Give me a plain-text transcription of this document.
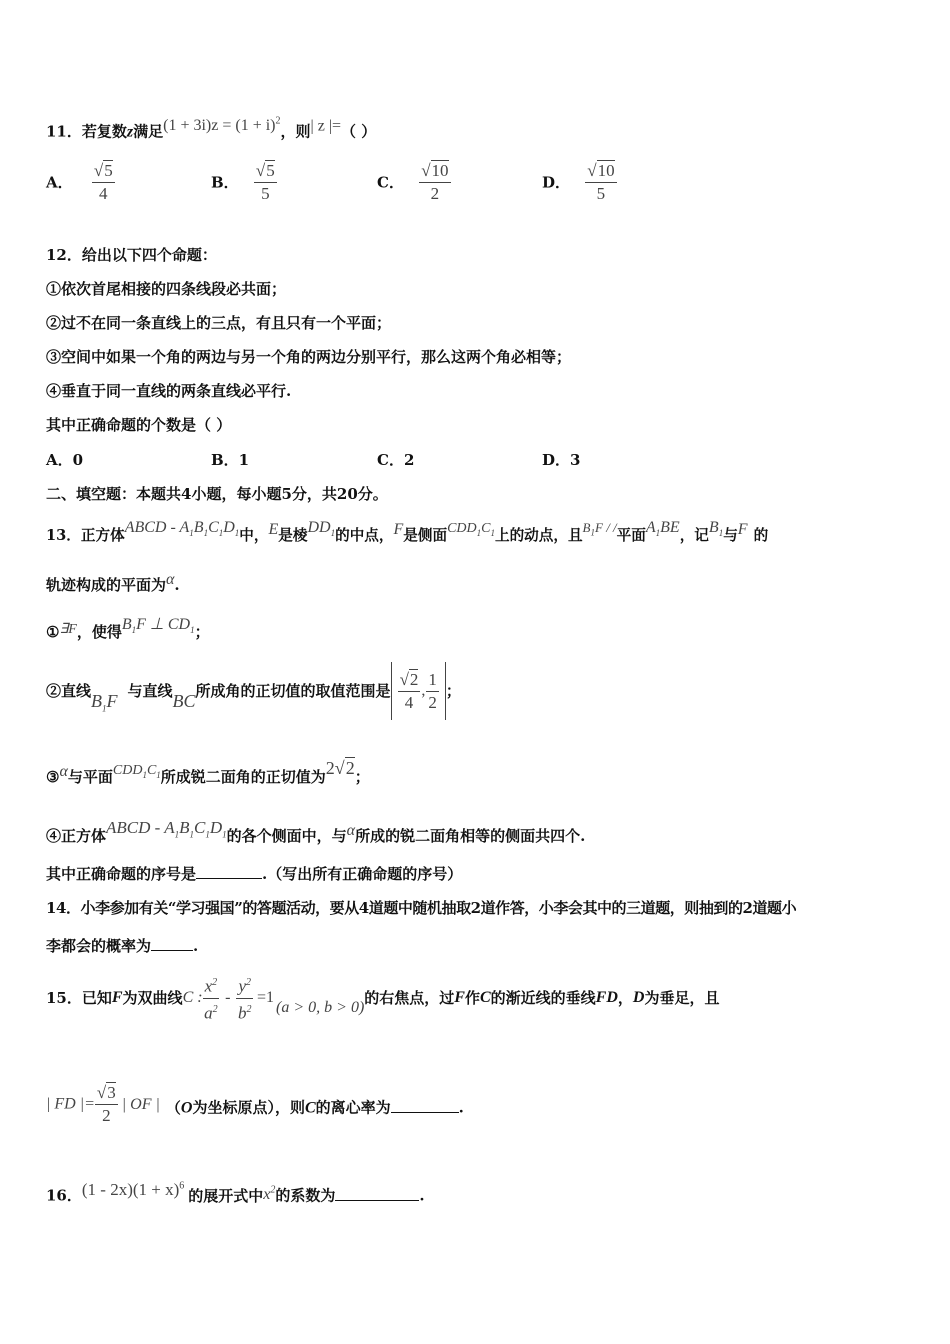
11．若复数z满足$(1 + 3i)z = (1 + i)^2$，则| z |=（ ）
A． $\frac{√5}{4}$	B． $\frac{√5}{5}$	C． $\frac{√10}{2}$	D． $\frac{√10}{5}$
12．给出以下四个命题：
①依次首尾相接的四条线段必共面；
②过不在同一条直线上的三点，有且只有一个平面；
③空间中如果一个角的两边与另一个角的两边分别平行，那么这两个角必相等；
④垂直于同一直线的两条直线必平行.
其中正确命题的个数是（ ）
A．0	B．1	C．2	D．3
二、填空题：本题共4小题，每小题5分，共20分。
13．正方体ABCD - $A_1B_1C_1D_1$中，E是棱$DD_1$的中点，F是侧面$CDD_1C_1$上的动点，且$B_1F$ / /平面$A_1BE$，记$B_1$与F 的
轨迹构成的平面为α.
①∃F，使得$B_1F$ ⊥ $CD_1$；
②直线$B_1F$ 与直线BC所成角的正切值的取值范围是 $\frac{√2}{4}$ , $\frac{1}{2}$ ；
③α与平面$CDD_1C_1$所成锐二面角的正切值为2√2；
④正方体ABCD - $A_1B_1C_1D_1$的各个侧面中，与α所成的锐二面角相等的侧面共四个.
其中正确命题的序号是	.（写出所有正确命题的序号）
14．小李参加有关“学习强国”的答题活动，要从4道题中随机抽取2道作答，小李会其中的三道题，则抽到的2道题小
李都会的概率为	.
15．已知F为双曲线C : $\frac{x^2}{a^2} - \frac{y^2}{b^2} =1(a > 0$, b > 0)的右焦点，过F作C的渐近线的垂线FD，D为垂足，且
| FD |= $\frac{√3}{2}$ | OF | （O为坐标原点），则C的离心率为	.
16．$(1 - 2x)(1 + x)^6$的展开式中$x^2$的系数为	.
